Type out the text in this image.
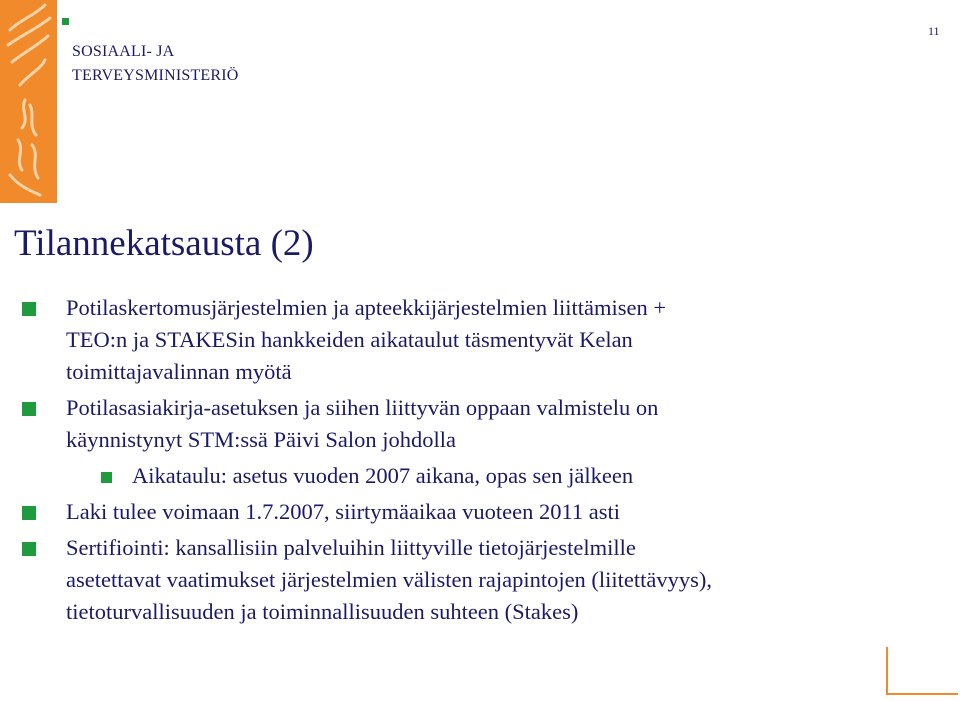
SOSIAALI- JA
TERVEYSMINISTERIÖ
11
Tilannekatsausta (2)
Potilaskertomusjärjestelmien ja apteekkijärjestelmien liittämisen +
TEO:n ja STAKESin hankkeiden aikataulut täsmentyvät Kelan
toimittajavalinnan myötä
Potilasasiakirja-asetuksen ja siihen liittyvän oppaan valmistelu on
käynnistynyt STM:ssä Päivi Salon johdolla
Aikataulu: asetus vuoden 2007 aikana, opas sen jälkeen
Laki tulee voimaan 1.7.2007, siirtymäaikaa vuoteen 2011 asti
Sertifiointi: kansallisiin palveluihin liittyville tietojärjestelmille
asetettavat vaatimukset järjestelmien välisten rajapintojen (liitettävyys),
tietoturvallisuuden ja toiminnallisuuden suhteen (Stakes)
